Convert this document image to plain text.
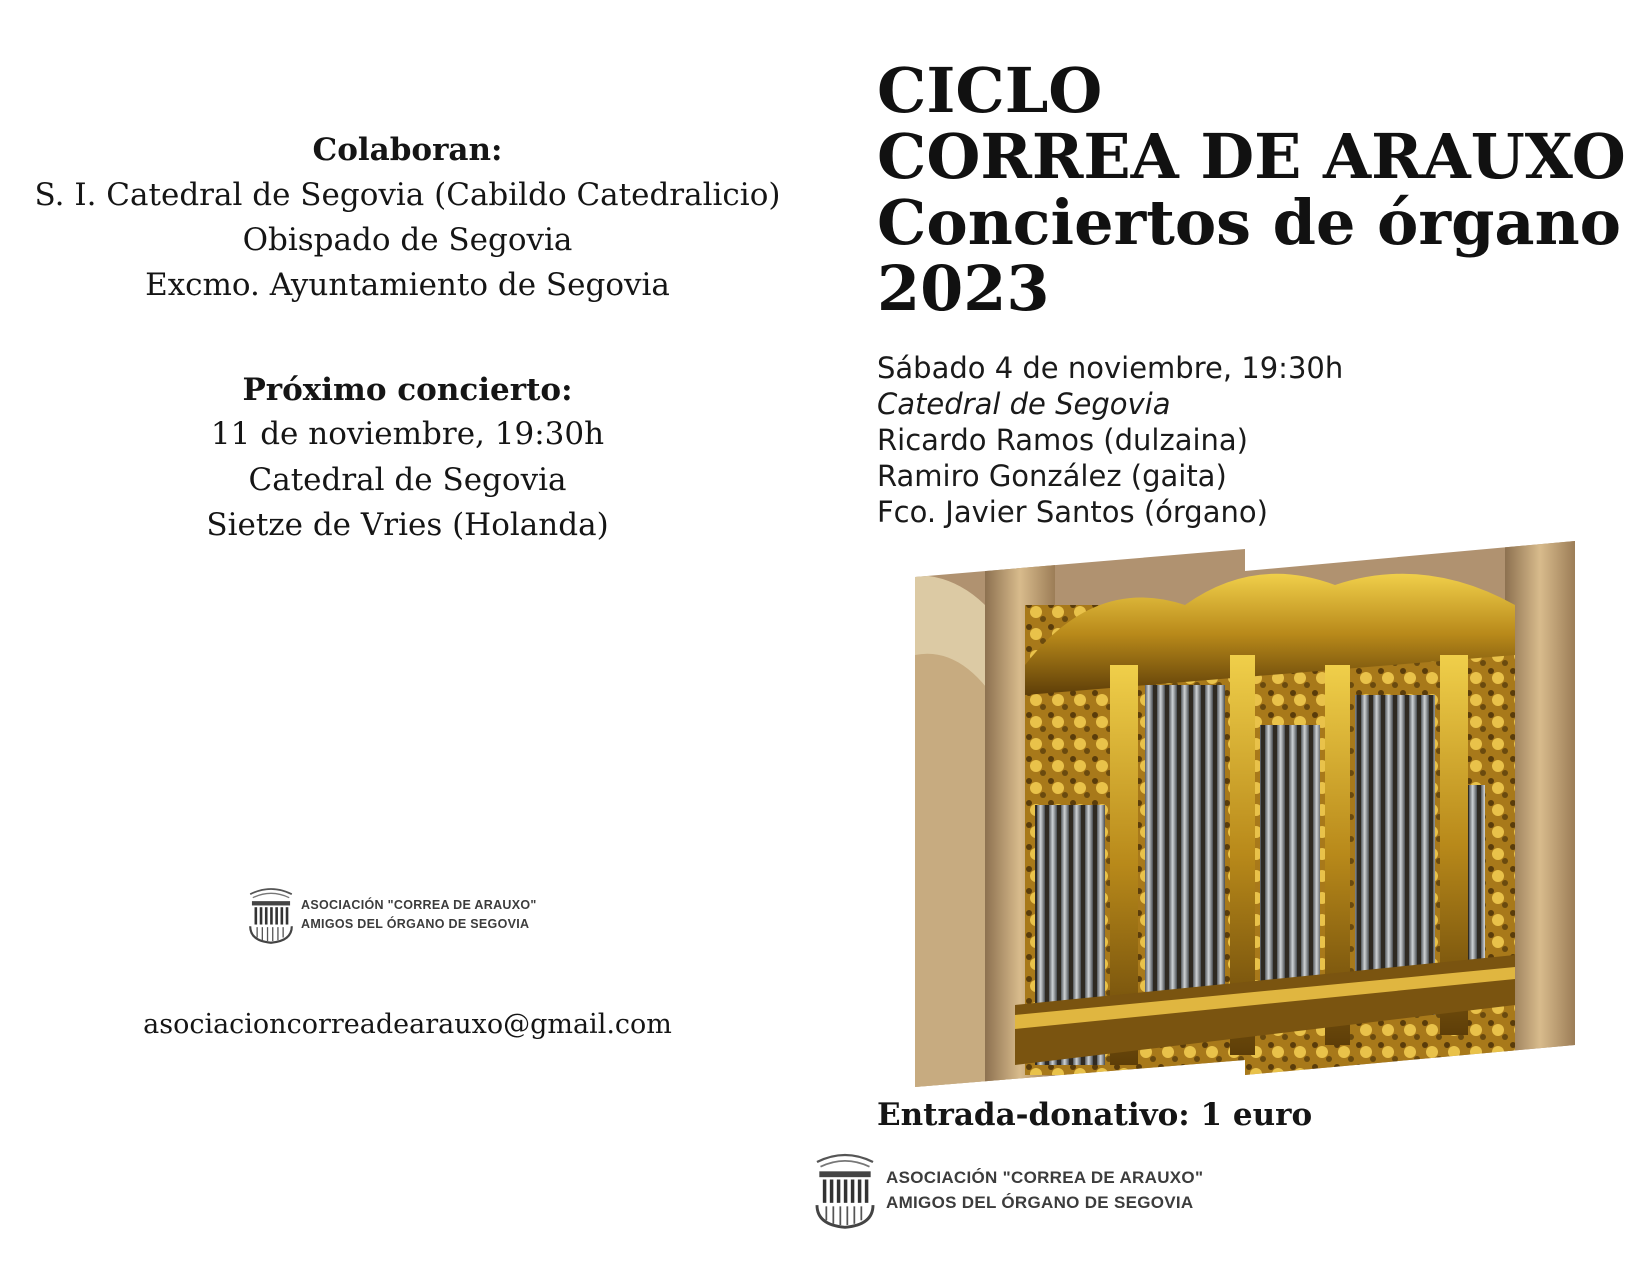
Colaboran:
S. I. Catedral de Segovia (Cabildo Catedralicio)
Obispado de Segovia
Excmo. Ayuntamiento de Segovia
Próximo concierto:
11 de noviembre, 19:30h
Catedral de Segovia
Sietze de Vries (Holanda)
ASOCIACIÓN "CORREA DE ARAUXO"
AMIGOS DEL ÓRGANO DE SEGOVIA
asociacioncorreadearauxo@gmail.com
CICLO
CORREA DE ARAUXO
Conciertos de órgano
2023
Sábado 4 de noviembre, 19:30h
Catedral de Segovia
Ricardo Ramos (dulzaina)
Ramiro González (gaita)
Fco. Javier Santos (órgano)
Entrada-donativo: 1 euro
ASOCIACIÓN "CORREA DE ARAUXO"
AMIGOS DEL ÓRGANO DE SEGOVIA
